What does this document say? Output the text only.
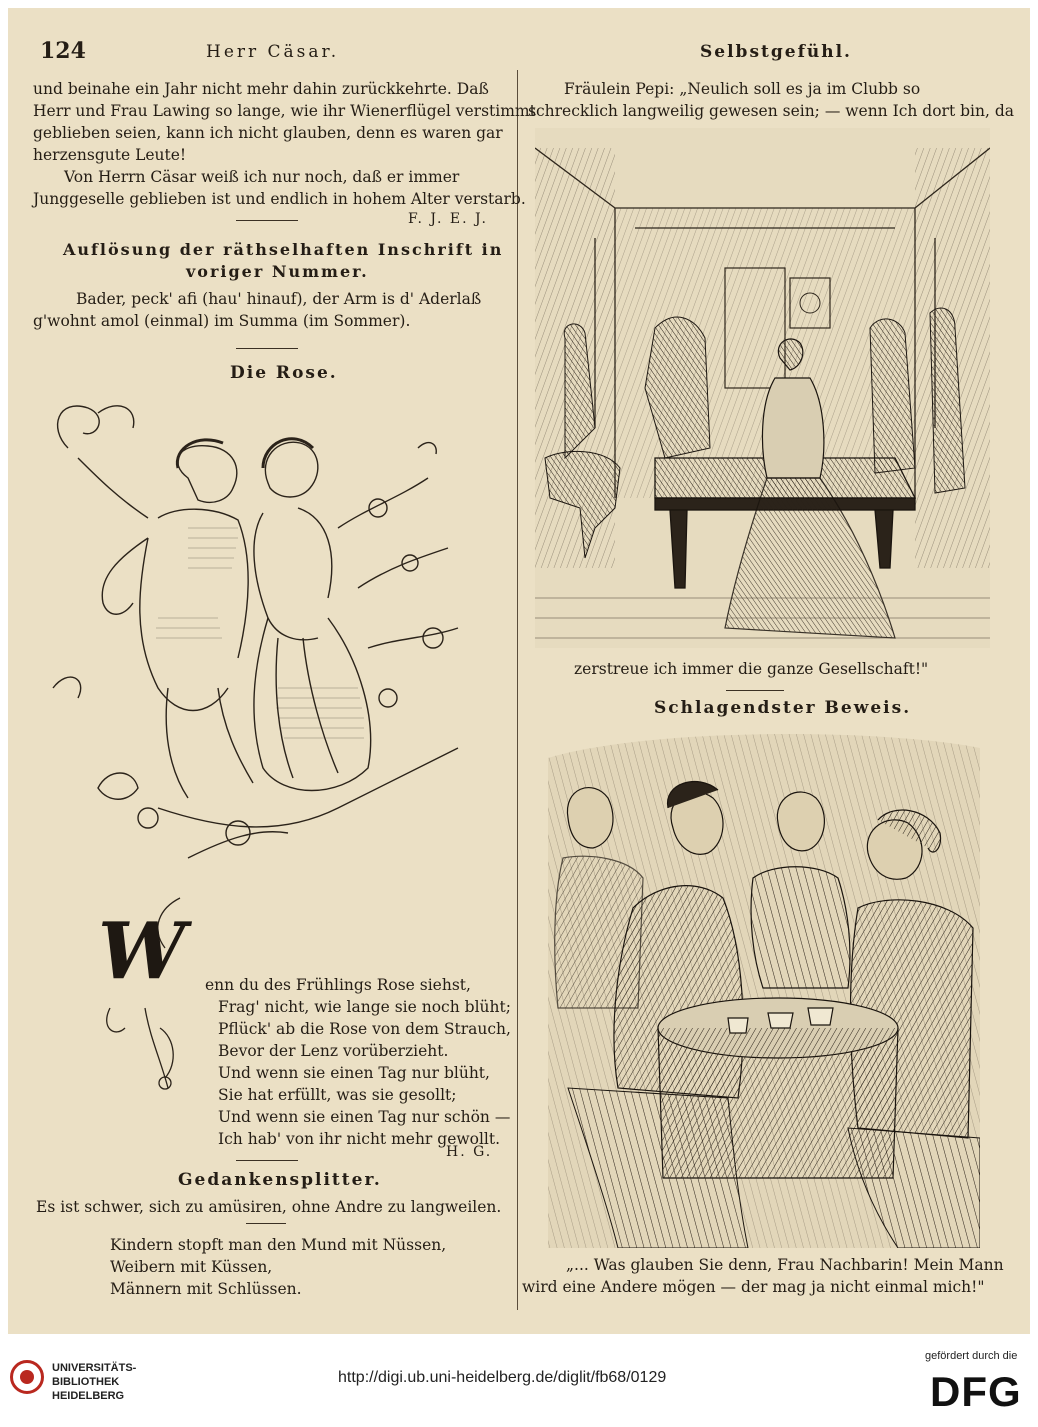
124	Herr Cäsar.	Selbstgefühl.
und beinahe ein Jahr nicht mehr dahin zurückkehrte. Daß
Herr und Frau Lawing so lange, wie ihr Wienerflügel verstimmt
geblieben seien, kann ich nicht glauben, denn es waren gar
herzensgute Leute!
Von Herrn Cäsar weiß ich nur noch, daß er immer
Junggeselle geblieben ist und endlich in hohem Alter verstarb.
F. J. E. J.
Auflösung der räthselhaften Inschrift in
voriger Nummer.
Bader, peck' afi (hau' hinauf), der Arm is d' Aderlaß
g'wohnt amol (einmal) im Summa (im Sommer).
Die Rose.
W enn du des Frühlings Rose siehst,
Frag' nicht, wie lange sie noch blüht;
Pflück' ab die Rose von dem Strauch,
Bevor der Lenz vorüberzieht.
Und wenn sie einen Tag nur blüht,
Sie hat erfüllt, was sie gesollt;
Und wenn sie einen Tag nur schön —
Ich hab' von ihr nicht mehr gewollt.
H. G.
Gedankensplitter.
Es ist schwer, sich zu amüsiren, ohne Andre zu langweilen.
Kindern stopft man den Mund mit Nüssen,
Weibern mit Küssen,
Männern mit Schlüssen.
Fräulein Pepi: „Neulich soll es ja im Clubb so
schrecklich langweilig gewesen sein; — wenn Ich dort bin, da
zerstreue ich immer die ganze Gesellschaft!"
Schlagendster Beweis.
„... Was glauben Sie denn, Frau Nachbarin! Mein Mann
wird eine Andere mögen — der mag ja nicht einmal mich!"
UNIVERSITÄTS-
BIBLIOTHEK
HEIDELBERG
http://digi.ub.uni-heidelberg.de/diglit/fb68/0129
gefördert durch die
DFG
